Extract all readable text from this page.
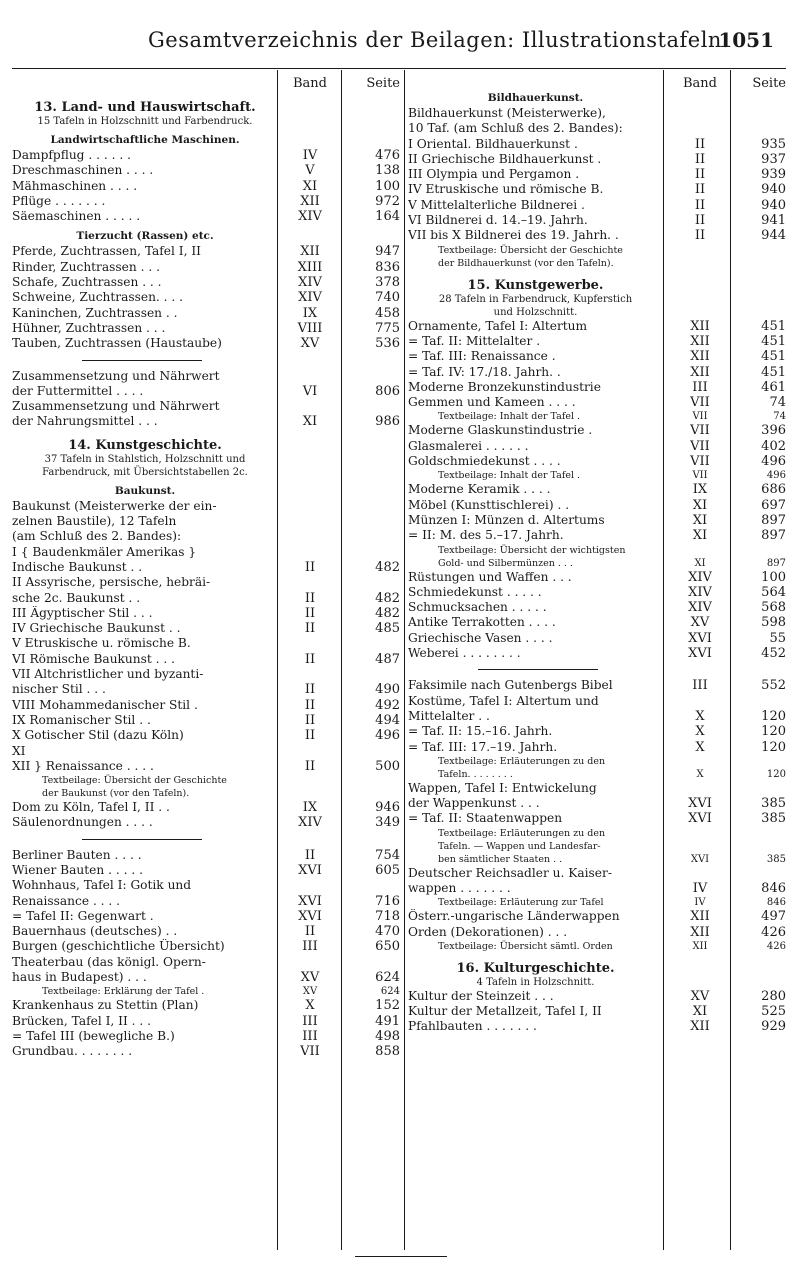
Gesamtverzeichnis der Beilagen: Illustrationstafeln.
1051
Band	Seite
13. Land- und Hauswirtschaft.
15 Tafeln in Holzschnitt und Farbendruck.
Landwirtschaftliche Maschinen.
Dampfpflug . . . . . .	IV	476
Dreschmaschinen . . . .	V	138
Mähmaschinen . . . .	XI	100
Pflüge . . . . . . .	XII	972
Säemaschinen . . . . .	XIV	164
Tierzucht (Rassen) etc.
Pferde, Zuchtrassen, Tafel I, II	XII	947
Rinder, Zuchtrassen . . .	XIII	836
Schafe, Zuchtrassen . . .	XIV	378
Schweine, Zuchtrassen. . . .	XIV	740
Kaninchen, Zuchtrassen . .	IX	458
Hühner, Zuchtrassen . . .	VIII	775
Tauben, Zuchtrassen (Haustaube)	XV	536
Zusammensetzung und Nährwert
der Futtermittel . . . .	VI	806
Zusammensetzung und Nährwert
der Nahrungsmittel . . .	XI	986
14. Kunstgeschichte.
37 Tafeln in Stahlstich, Holzschnitt und
Farbendruck, mit Übersichtstabellen 2c.
Baukunst.
Baukunst (Meisterwerke der ein-
zelnen Baustile), 12 Tafeln
(am Schluß des 2. Bandes):
I { Baudenkmäler Amerikas }
Indische Baukunst . .	II	482
II Assyrische, persische, hebräi-
sche 2c. Baukunst . .	II	482
III Ägyptischer Stil . . .	II	482
IV Griechische Baukunst . .	II	485
V Etruskische u. römische B.
VI Römische Baukunst . . .	II	487
VII Altchristlicher und byzanti-
nischer Stil . . .	II	490
VIII Mohammedanischer Stil .	II	492
IX Romanischer Stil . .	II	494
X Gotischer Stil (dazu Köln)	II	496
XI
XII } Renaissance . . . .	II	500
Textbeilage: Übersicht der Geschichte
der Baukunst (vor den Tafeln).
Dom zu Köln, Tafel I, II . .	IX	946
Säulenordnungen . . . .	XIV	349
Berliner Bauten . . . .	II	754
Wiener Bauten . . . . .	XVI	605
Wohnhaus, Tafel I: Gotik und
Renaissance . . . .	XVI	716
= Tafel II: Gegenwart .	XVI	718
Bauernhaus (deutsches) . .	II	470
Burgen (geschichtliche Übersicht)	III	650
Theaterbau (das königl. Opern-
haus in Budapest) . . .	XV	624
Textbeilage: Erklärung der Tafel .	XV	624
Krankenhaus zu Stettin (Plan)	X	152
Brücken, Tafel I, II . . .	III	491
= Tafel III (bewegliche B.)	III	498
Grundbau. . . . . . . .	VII	858
Band	Seite
Bildhauerkunst.
Bildhauerkunst (Meisterwerke),
10 Taf. (am Schluß des 2. Bandes):
I Oriental. Bildhauerkunst .	II	935
II Griechische Bildhauerkunst .	II	937
III Olympia und Pergamon .	II	939
IV Etruskische und römische B.	II	940
V Mittelalterliche Bildnerei .	II	940
VI Bildnerei d. 14.–19. Jahrh.	II	941
VII bis X Bildnerei des 19. Jahrh. .	II	944
Textbeilage: Übersicht der Geschichte
der Bildhauerkunst (vor den Tafeln).
15. Kunstgewerbe.
28 Tafeln in Farbendruck, Kupferstich
und Holzschnitt.
Ornamente, Tafel I: Altertum	XII	451
= Taf. II: Mittelalter .	XII	451
= Taf. III: Renaissance .	XII	451
= Taf. IV: 17./18. Jahrh. .	XII	451
Moderne Bronzekunstindustrie	III	461
Gemmen und Kameen . . . .	VII	74
Textbeilage: Inhalt der Tafel .	VII	74
Moderne Glaskunstindustrie .	VII	396
Glasmalerei . . . . . .	VII	402
Goldschmiedekunst . . . .	VII	496
Textbeilage: Inhalt der Tafel .	VII	496
Moderne Keramik . . . .	IX	686
Möbel (Kunsttischlerei) . .	XI	697
Münzen I: Münzen d. Altertums	XI	897
= II: M. des 5.–17. Jahrh.	XI	897
Textbeilage: Übersicht der wichtigsten
Gold- und Silbermünzen . . .	XI	897
Rüstungen und Waffen . . .	XIV	100
Schmiedekunst . . . . .	XIV	564
Schmucksachen . . . . .	XIV	568
Antike Terrakotten . . . .	XV	598
Griechische Vasen . . . .	XVI	55
Weberei . . . . . . . .	XVI	452
Faksimile nach Gutenbergs Bibel	III	552
Kostüme, Tafel I: Altertum und
Mittelalter . .	X	120
= Taf. II: 15.–16. Jahrh.	X	120
= Taf. III: 17.–19. Jahrh.	X	120
Textbeilage: Erläuterungen zu den
Tafeln. . . . . . . .	X	120
Wappen, Tafel I: Entwickelung
der Wappenkunst . . .	XVI	385
= Taf. II: Staatenwappen	XVI	385
Textbeilage: Erläuterungen zu den
Tafeln. — Wappen und Landesfar-
ben sämtlicher Staaten . .	XVI	385
Deutscher Reichsadler u. Kaiser-
wappen . . . . . . .	IV	846
Textbeilage: Erläuterung zur Tafel	IV	846
Österr.-ungarische Länderwappen	XII	497
Orden (Dekorationen) . . .	XII	426
Textbeilage: Übersicht sämtl. Orden	XII	426
16. Kulturgeschichte.
4 Tafeln in Holzschnitt.
Kultur der Steinzeit . . .	XV	280
Kultur der Metallzeit, Tafel I, II	XI	525
Pfahlbauten . . . . . . .	XII	929
